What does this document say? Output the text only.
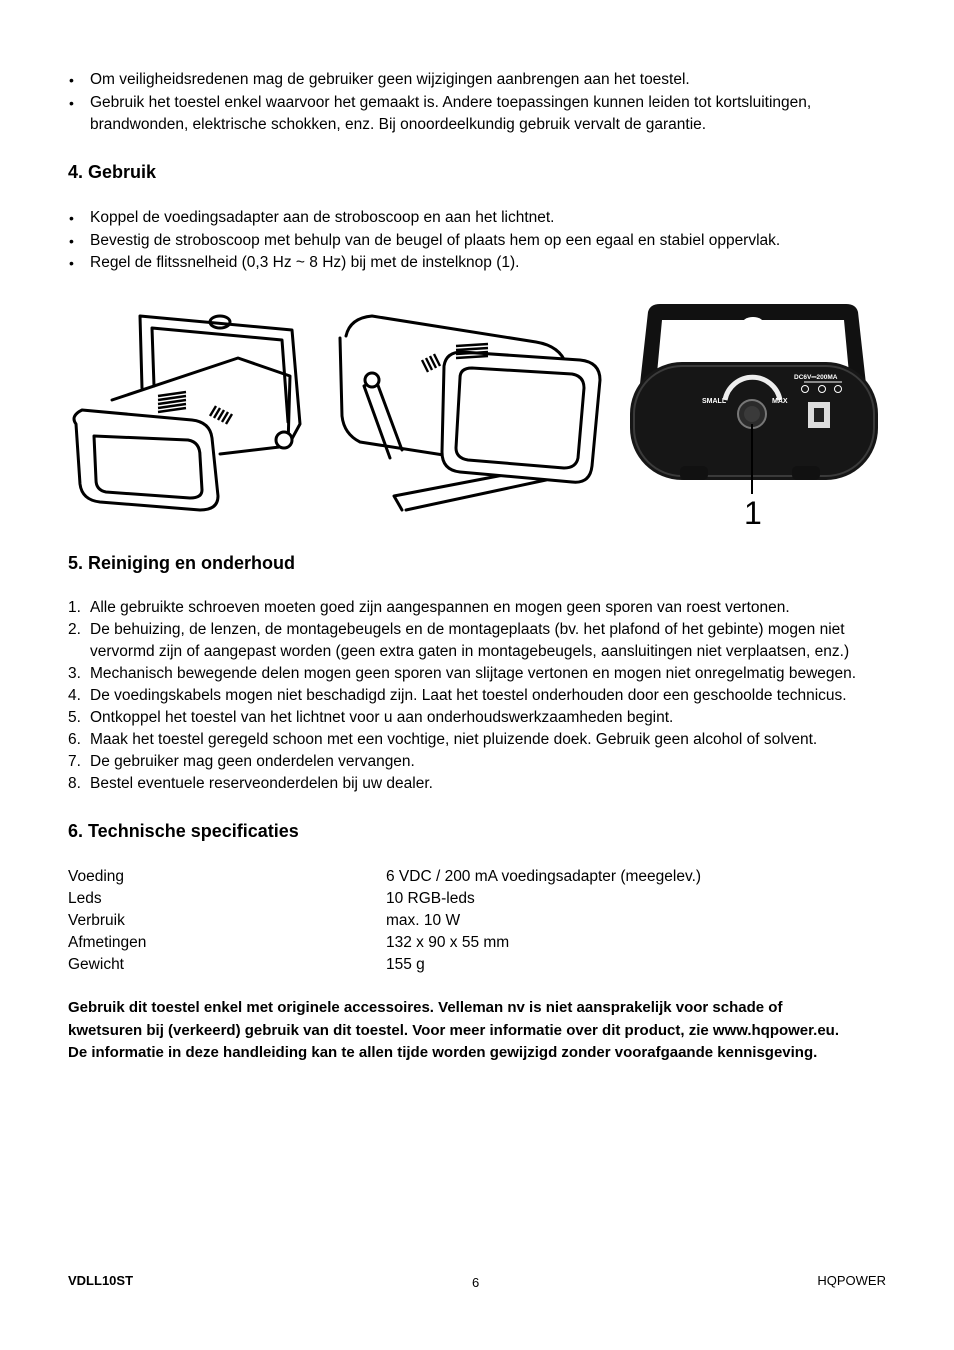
• Om veiligheidsredenen mag de gebruiker geen wijzigingen aanbrengen aan het toestel.
• Gebruik het toestel enkel waarvoor het gemaakt is. Andere toepassingen kunnen leiden tot kortsluitingen, brandwonden, elektrische schokken, enz. Bij onoordeelkundig gebruik vervalt de garantie.
4. Gebruik
• Koppel de voedingsadapter aan de stroboscoop en aan het lichtnet.
• Bevestig de stroboscoop met behulp van de beugel of plaats hem op een egaal en stabiel oppervlak.
• Regel de flitssnelheid (0,3 Hz ~ 8 Hz) bij met de instelknop (1).
SMALL	MAX
DC6V⎓200MA
1
5. Reiniging en onderhoud
1. Alle gebruikte schroeven moeten goed zijn aangespannen en mogen geen sporen van roest vertonen.
2. De behuizing, de lenzen, de montagebeugels en de montageplaats (bv. het plafond of het gebinte) mogen niet vervormd zijn of aangepast worden (geen extra gaten in montagebeugels, aansluitingen niet verplaatsen, enz.)
3. Mechanisch bewegende delen mogen geen sporen van slijtage vertonen en mogen niet onregelmatig bewegen.
4. De voedingskabels mogen niet beschadigd zijn. Laat het toestel onderhouden door een geschoolde technicus.
5. Ontkoppel het toestel van het lichtnet voor u aan onderhoudswerkzaamheden begint.
6. Maak het toestel geregeld schoon met een vochtige, niet pluizende doek. Gebruik geen alcohol of solvent.
7. De gebruiker mag geen onderdelen vervangen.
8. Bestel eventuele reserveonderdelen bij uw dealer.
6. Technische specificaties
Voeding	6 VDC / 200 mA voedingsadapter (meegelev.)
Leds	10 RGB-leds
Verbruik	max. 10 W
Afmetingen	132 x 90 x 55 mm
Gewicht	155 g
Gebruik dit toestel enkel met originele accessoires. Velleman nv is niet aansprakelijk voor schade of
kwetsuren bij (verkeerd) gebruik van dit toestel. Voor meer informatie over dit product, zie www.hqpower.eu.
De informatie in deze handleiding kan te allen tijde worden gewijzigd zonder voorafgaande kennisgeving.
VDLL10ST	6	HQPOWER
